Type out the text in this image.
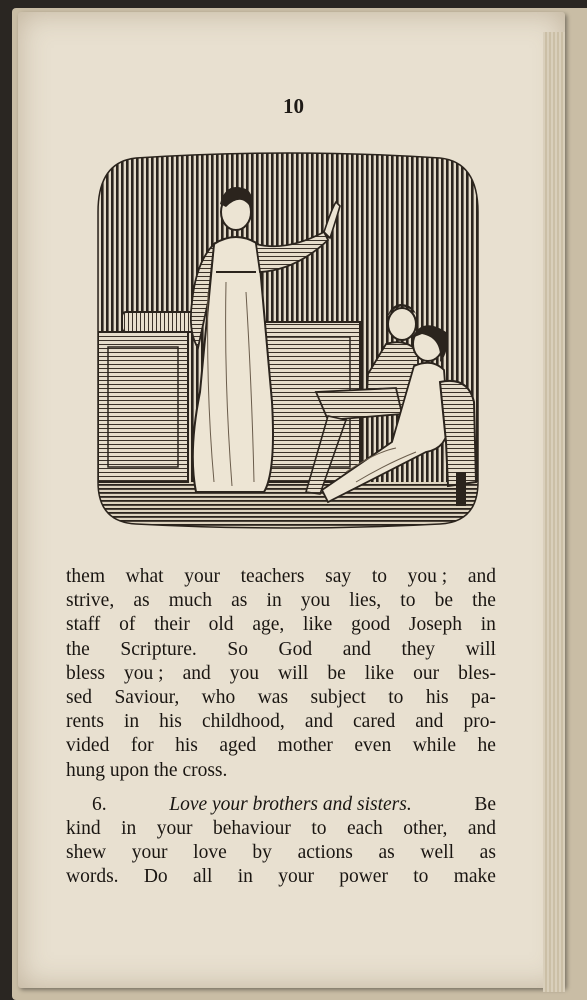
10
them what your teachers say to you ; and
strive, as much as in you lies, to be the
staff of their old age, like good Joseph in
the Scripture. So God and they will
bless you ; and you will be like our bles-
sed Saviour, who was subject to his pa-
rents in his childhood, and cared and pro-
vided for his aged mother even while he
hung upon the cross.
6.	Love your brothers and sisters.	Be
kind in your behaviour to each other, and
shew your love by actions as well as
words. Do all in your power to make
